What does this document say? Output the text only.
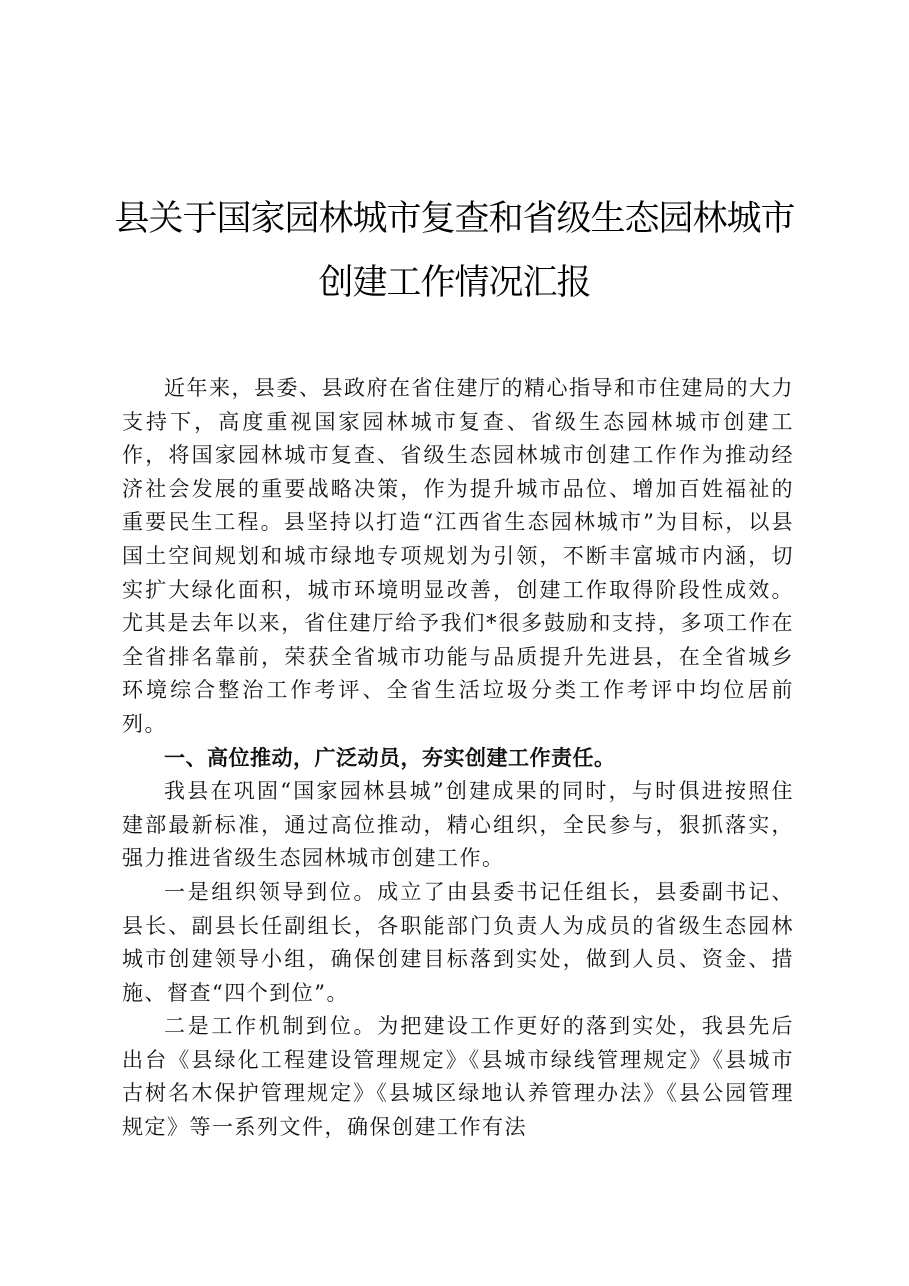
县关于国家园林城市复查和省级生态园林城市
创建工作情况汇报

近年来，县委、县政府在省住建厅的精心指导和市住建局的大力支持下，高度重视国家园林城市复查、省级生态园林城市创建工作，将国家园林城市复查、省级生态园林城市创建工作作为推动经济社会发展的重要战略决策，作为提升城市品位、增加百姓福祉的重要民生工程。县坚持以打造“江西省生态园林城市”为目标，以县国土空间规划和城市绿地专项规划为引领，不断丰富城市内涵，切实扩大绿化面积，城市环境明显改善，创建工作取得阶段性成效。尤其是去年以来，省住建厅给予我们*很多鼓励和支持，多项工作在全省排名靠前，荣获全省城市功能与品质提升先进县，在全省城乡环境综合整治工作考评、全省生活垃圾分类工作考评中均位居前列。

一、高位推动，广泛动员，夯实创建工作责任。

我县在巩固“国家园林县城”创建成果的同时，与时俱进按照住建部最新标准，通过高位推动，精心组织，全民参与，狠抓落实，强力推进省级生态园林城市创建工作。

一是组织领导到位。成立了由县委书记任组长，县委副书记、县长、副县长任副组长，各职能部门负责人为成员的省级生态园林城市创建领导小组，确保创建目标落到实处，做到人员、资金、措施、督查“四个到位”。

二是工作机制到位。为把建设工作更好的落到实处，我县先后出台《县绿化工程建设管理规定》《县城市绿线管理规定》《县城市古树名木保护管理规定》《县城区绿地认养管理办法》《县公园管理规定》等一系列文件，确保创建工作有法
